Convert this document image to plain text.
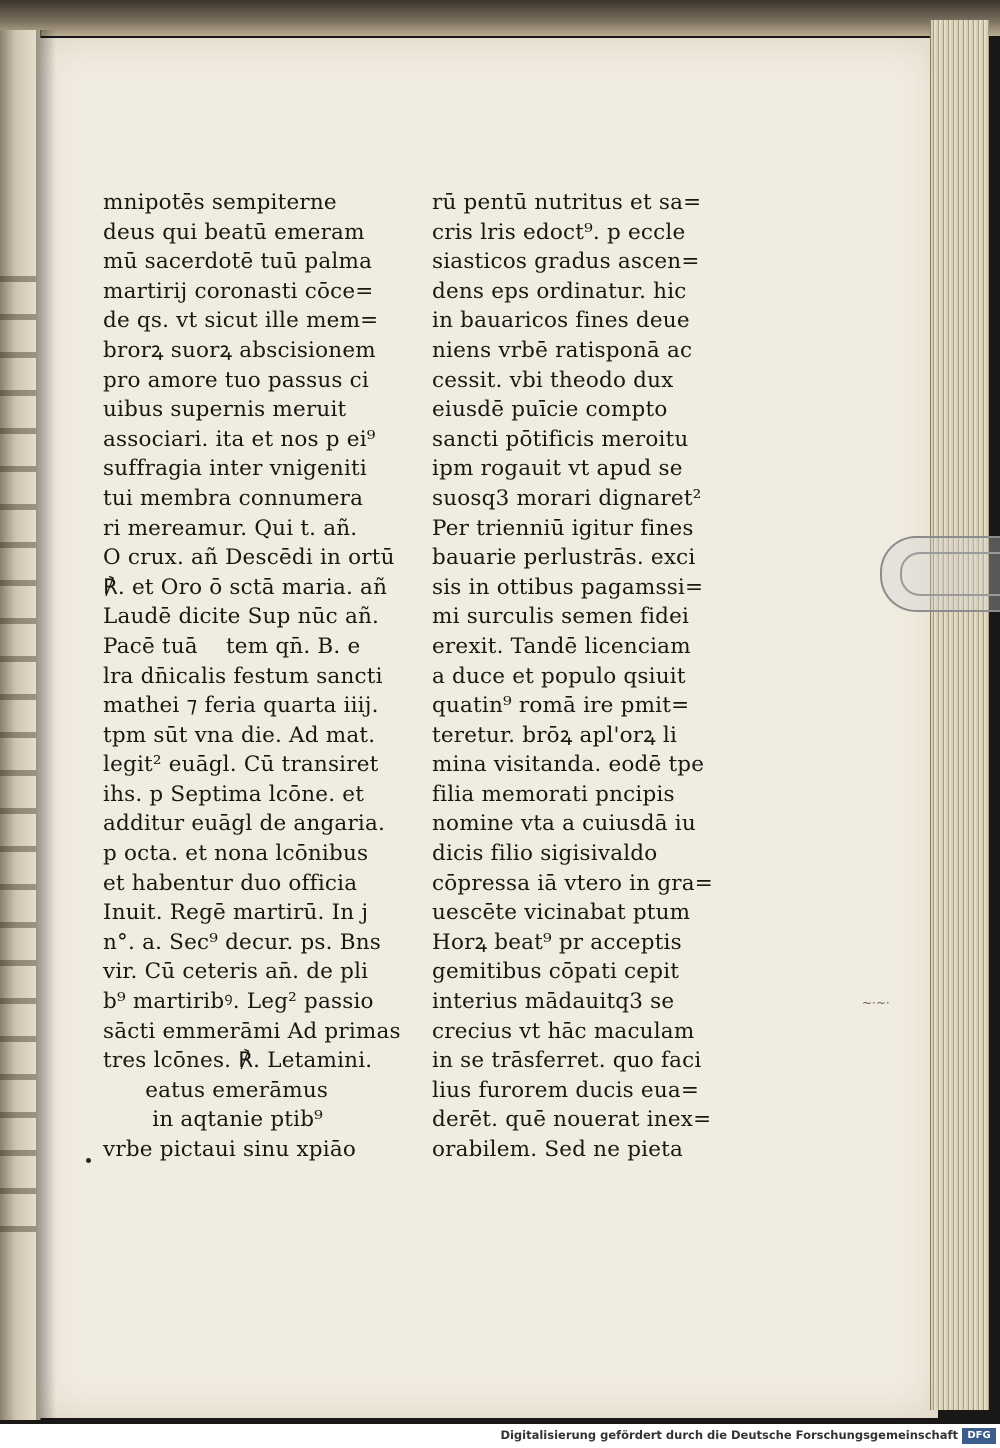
mnipotēs sempiterne
deus qui beatū emeram
mū sacerdotē tuū palma
martirij coronasti cōce=
de qs. vt sicut ille mem=
brorꝝ suorꝝ abscisionem
pro amore tuo passus ci
uibus supernis meruit
associari. ita et nos p ei⁹
suffragia inter vnigeniti
tui membra connumera
ri mereamur. Qui t. añ.
O crux. añ Descēdi in ortū
℟. et Oro ō sctā maria. añ
Laudē dicite Sup nūc añ.
Pacē tuā    tem qn̄. B. e
lra dn̄icalis festum sancti
mathei ⁊ feria quarta iiij.
tpm sūt vna die. Ad mat.
legit² euāgl. Cū transiret
ihs. p Septima lcōne. et
additur euāgl de angaria.
p octa. et nona lcōnibus
et habentur duo officia
Inuit. Regē martirū. In j
n°. a. Sec⁹ decur. ps. Bns
vir. Cū ceteris an̄. de pli
b⁹ martiribꝰ. Leg² passio
sācti emmerāmi Ad primas
tres lcōnes. ℟. Letamini.
eatus emerāmus
in aqtanie ptib⁹
vrbe pictaui sinu xpiāo
rū pentū nutritus et sa=
cris lris edoct⁹. p eccle
siasticos gradus ascen=
dens eps ordinatur. hic
in bauaricos fines deue
niens vrbē ratisponā ac
cessit. vbi theodo dux
eiusdē puīcie compto
sancti pōtificis meroitu
ipm rogauit vt apud se
suosq3 morari dignaret²
Per trienniū igitur fines
bauarie perlustrās. exci
sis in ottibus pagamssi=
mi surculis semen fidei
erexit. Tandē licenciam
a duce et populo qsiuit
quatin⁹ romā ire pmit=
teretur. brōꝝ apl'orꝝ li
mina visitanda. eodē tpe
filia memorati pncipis
nomine vta a cuiusdā iu
dicis filio sigisivaldo
cōpressa iā vtero in gra=
uescēte vicinabat ptum
Horꝝ beat⁹ pr acceptis
gemitibus cōpati cepit
interius mādauitq3 se
crecius vt hāc maculam
in se trāsferret. quo faci
lius furorem ducis eua=
derēt. quē nouerat inex=
orabilem. Sed ne pieta
~·~·
Digitalisierung gefördert durch die Deutsche Forschungsgemeinschaft DFG
